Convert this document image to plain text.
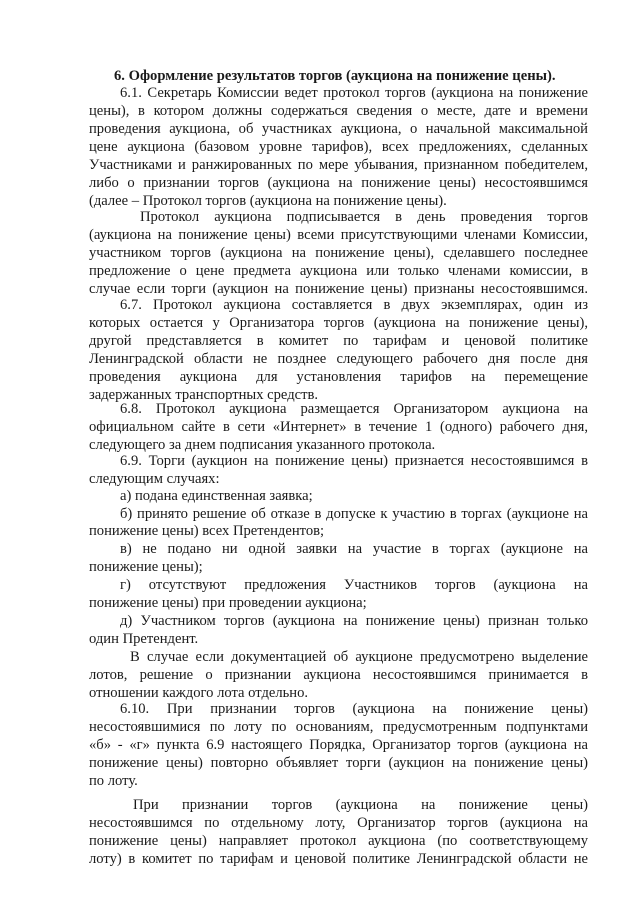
6. Оформление результатов торгов (аукциона на понижение цены).
6.1. Секретарь Комиссии ведет протокол торгов (аукциона на понижение
цены), в котором должны содержаться сведения о месте, дате и времени
проведения аукциона, об участниках аукциона, о начальной максимальной
цене аукциона (базовом уровне тарифов), всех предложениях, сделанных
Участниками и ранжированных по мере убывания, признанном победителем,
либо о признании торгов (аукциона на понижение цены) несостоявшимся
(далее – Протокол торгов (аукциона на понижение цены).
Протокол аукциона подписывается в день проведения торгов
(аукциона на понижение цены) всеми присутствующими членами Комиссии,
участником торгов (аукциона на понижение цены), сделавшего последнее
предложение о цене предмета аукциона или только членами комиссии, в
случае если торги (аукцион на понижение цены) признаны несостоявшимся.
6.7. Протокол аукциона составляется в двух экземплярах, один из
которых остается у Организатора торгов (аукциона на понижение цены),
другой представляется в комитет по тарифам и ценовой политике
Ленинградской области не позднее следующего рабочего дня после дня
проведения аукциона для установления тарифов на перемещение
задержанных транспортных средств.
6.8. Протокол аукциона размещается Организатором аукциона на
официальном сайте в сети «Интернет» в течение 1 (одного) рабочего дня,
следующего за днем подписания указанного протокола.
6.9. Торги (аукцион на понижение цены) признается несостоявшимся в
следующим случаях:
а) подана единственная заявка;
б) принято решение об отказе в допуске к участию в торгах (аукционе на
понижение цены) всех Претендентов;
в) не подано ни одной заявки на участие в торгах (аукционе на
понижение цены);
г) отсутствуют предложения Участников торгов (аукциона на
понижение цены) при проведении аукциона;
д) Участником торгов (аукциона на понижение цены) признан только
один Претендент.
В случае если документацией об аукционе предусмотрено выделение
лотов, решение о признании аукциона несостоявшимся принимается в
отношении каждого лота отдельно.
6.10. При признании торгов (аукциона на понижение цены)
несостоявшимися по лоту по основаниям, предусмотренным подпунктами
«б» - «г» пункта 6.9 настоящего Порядка, Организатор торгов (аукциона на
понижение цены) повторно объявляет торги (аукцион на понижение цены)
по лоту.
При признании торгов (аукциона на понижение цены)
несостоявшимся по отдельному лоту, Организатор торгов (аукциона на
понижение цены) направляет протокол аукциона (по соответствующему
лоту) в комитет по тарифам и ценовой политике Ленинградской области не
